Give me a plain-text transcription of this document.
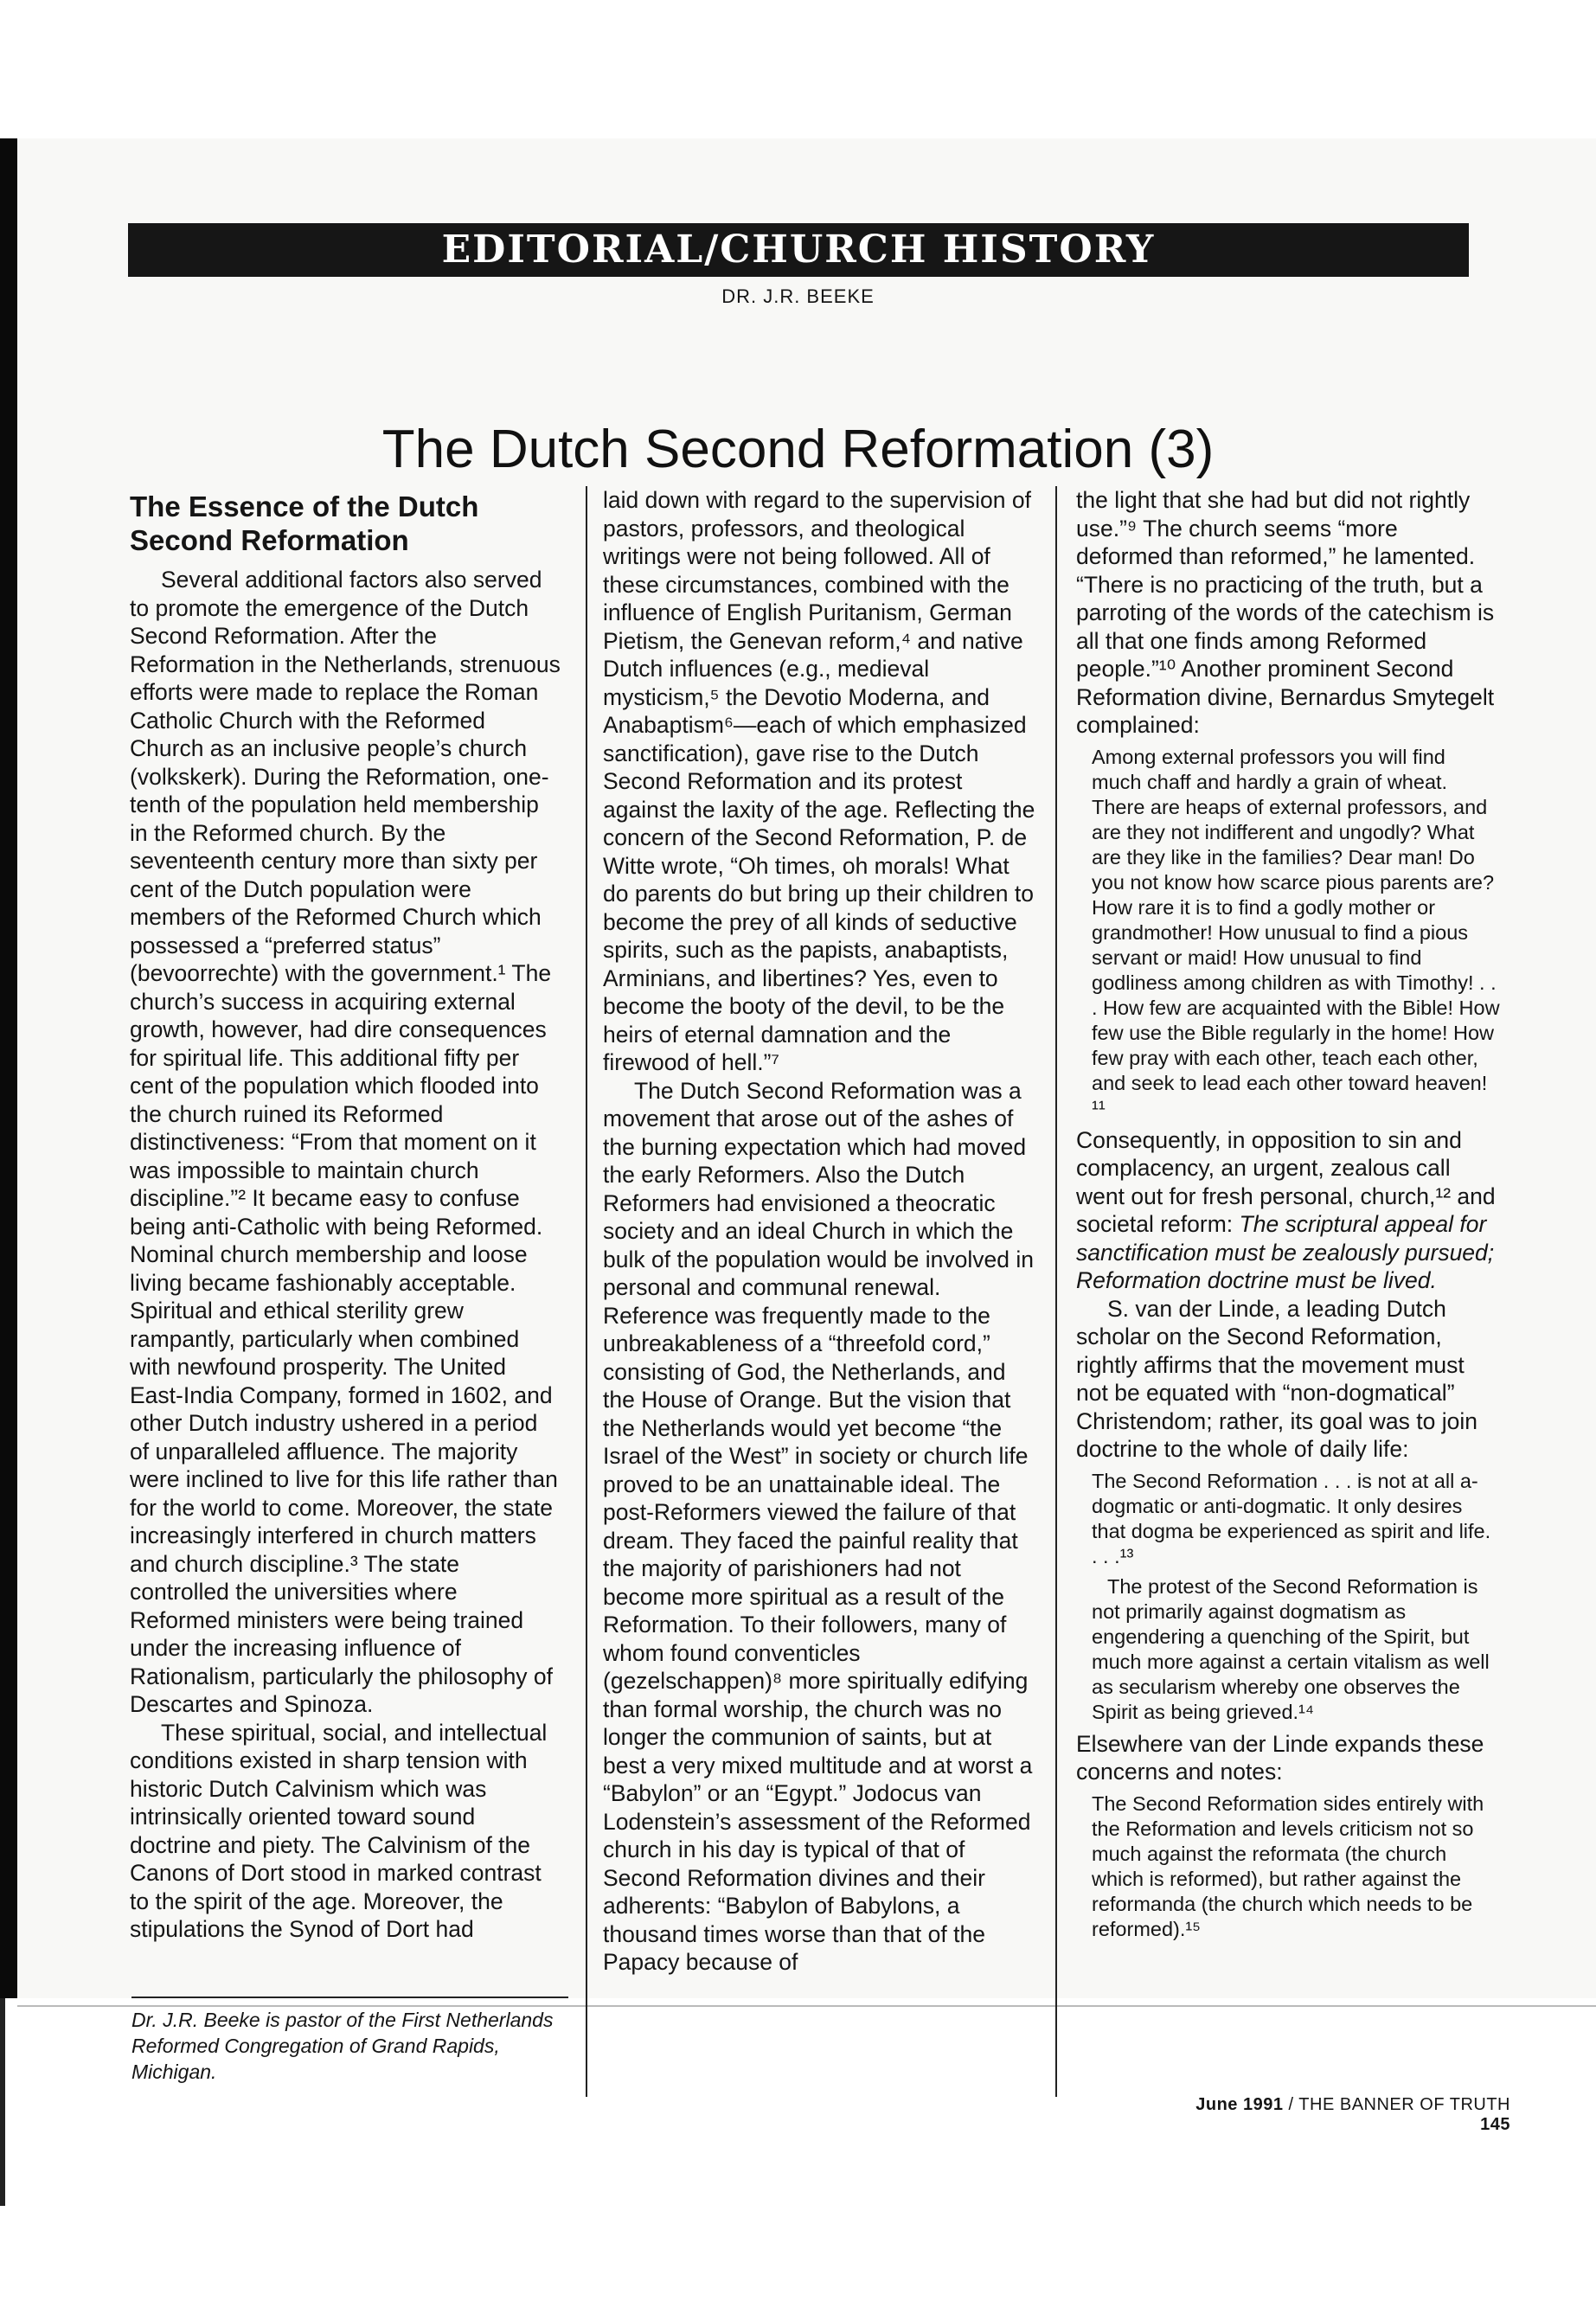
EDITORIAL/CHURCH HISTORY
DR. J.R. BEEKE
The Dutch Second Reformation (3)

The Essence of the Dutch Second Reformation

Several additional factors also served to promote the emergence of the Dutch Second Reformation. After the Reformation in the Netherlands, strenuous efforts were made to replace the Roman Catholic Church with the Reformed Church as an inclusive people’s church (volkskerk). During the Reformation, one-tenth of the population held membership in the Reformed church. By the seventeenth century more than sixty per cent of the Dutch population were members of the Reformed Church which possessed a “preferred status” (bevoorrechte) with the government.¹ The church’s success in acquiring external growth, however, had dire consequences for spiritual life. This additional fifty per cent of the population which flooded into the church ruined its Reformed distinctiveness: “From that moment on it was impossible to maintain church discipline.”² It became easy to confuse being anti-Catholic with being Reformed. Nominal church membership and loose living became fashionably acceptable. Spiritual and ethical sterility grew rampantly, particularly when combined with newfound prosperity. The United East-India Company, formed in 1602, and other Dutch industry ushered in a period of unparalleled affluence. The majority were inclined to live for this life rather than for the world to come. Moreover, the state increasingly interfered in church matters and church discipline.³ The state controlled the universities where Reformed ministers were being trained under the increasing influence of Rationalism, particularly the philosophy of Descartes and Spinoza.

These spiritual, social, and intellectual conditions existed in sharp tension with historic Dutch Calvinism which was intrinsically oriented toward sound doctrine and piety. The Calvinism of the Canons of Dort stood in marked contrast to the spirit of the age. Moreover, the stipulations the Synod of Dort had

Dr. J.R. Beeke is pastor of the First Netherlands Reformed Congregation of Grand Rapids, Michigan.

laid down with regard to the supervision of pastors, professors, and theological writings were not being followed. All of these circumstances, combined with the influence of English Puritanism, German Pietism, the Genevan reform,⁴ and native Dutch influences (e.g., medieval mysticism,⁵ the Devotio Moderna, and Anabaptism⁶—each of which emphasized sanctification), gave rise to the Dutch Second Reformation and its protest against the laxity of the age. Reflecting the concern of the Second Reformation, P. de Witte wrote, “Oh times, oh morals! What do parents do but bring up their children to become the prey of all kinds of seductive spirits, such as the papists, anabaptists, Arminians, and libertines? Yes, even to become the booty of the devil, to be the heirs of eternal damnation and the firewood of hell.”⁷

The Dutch Second Reformation was a movement that arose out of the ashes of the burning expectation which had moved the early Reformers. Also the Dutch Reformers had envisioned a theocratic society and an ideal Church in which the bulk of the population would be involved in personal and communal renewal. Reference was frequently made to the unbreakableness of a “threefold cord,” consisting of God, the Netherlands, and the House of Orange. But the vision that the Netherlands would yet become “the Israel of the West” in society or church life proved to be an unattainable ideal. The post-Reformers viewed the failure of that dream. They faced the painful reality that the majority of parishioners had not become more spiritual as a result of the Reformation. To their followers, many of whom found conventicles (gezelschappen)⁸ more spiritually edifying than formal worship, the church was no longer the communion of saints, but at best a very mixed multitude and at worst a “Babylon” or an “Egypt.” Jodocus van Lodenstein’s assessment of the Reformed church in his day is typical of that of Second Reformation divines and their adherents: “Babylon of Babylons, a thousand times worse than that of the Papacy because of

the light that she had but did not rightly use.”⁹ The church seems “more deformed than reformed,” he lamented. “There is no practicing of the truth, but a parroting of the words of the catechism is all that one finds among Reformed people.”¹⁰ Another prominent Second Reformation divine, Bernardus Smytegelt complained:

Among external professors you will find much chaff and hardly a grain of wheat. There are heaps of external professors, and are they not indifferent and ungodly? What are they like in the families? Dear man! Do you not know how scarce pious parents are? How rare it is to find a godly mother or grandmother! How unusual to find a pious servant or maid! How unusual to find godliness among children as with Timothy! . . . How few are acquainted with the Bible! How few use the Bible regularly in the home! How few pray with each other, teach each other, and seek to lead each other toward heaven!¹¹

Consequently, in opposition to sin and complacency, an urgent, zealous call went out for fresh personal, church,¹² and societal reform: The scriptural appeal for sanctification must be zealously pursued; Reformation doctrine must be lived.

S. van der Linde, a leading Dutch scholar on the Second Reformation, rightly affirms that the movement must not be equated with “non-dogmatical” Christendom; rather, its goal was to join doctrine to the whole of daily life:

The Second Reformation . . . is not at all a-dogmatic or anti-dogmatic. It only desires that dogma be experienced as spirit and life. . . .¹³

The protest of the Second Reformation is not primarily against dogmatism as engendering a quenching of the Spirit, but much more against a certain vitalism as well as secularism whereby one observes the Spirit as being grieved.¹⁴

Elsewhere van der Linde expands these concerns and notes:

The Second Reformation sides entirely with the Reformation and levels criticism not so much against the reformata (the church which is reformed), but rather against the reformanda (the church which needs to be reformed).¹⁵

June 1991 / THE BANNER OF TRUTH 145
